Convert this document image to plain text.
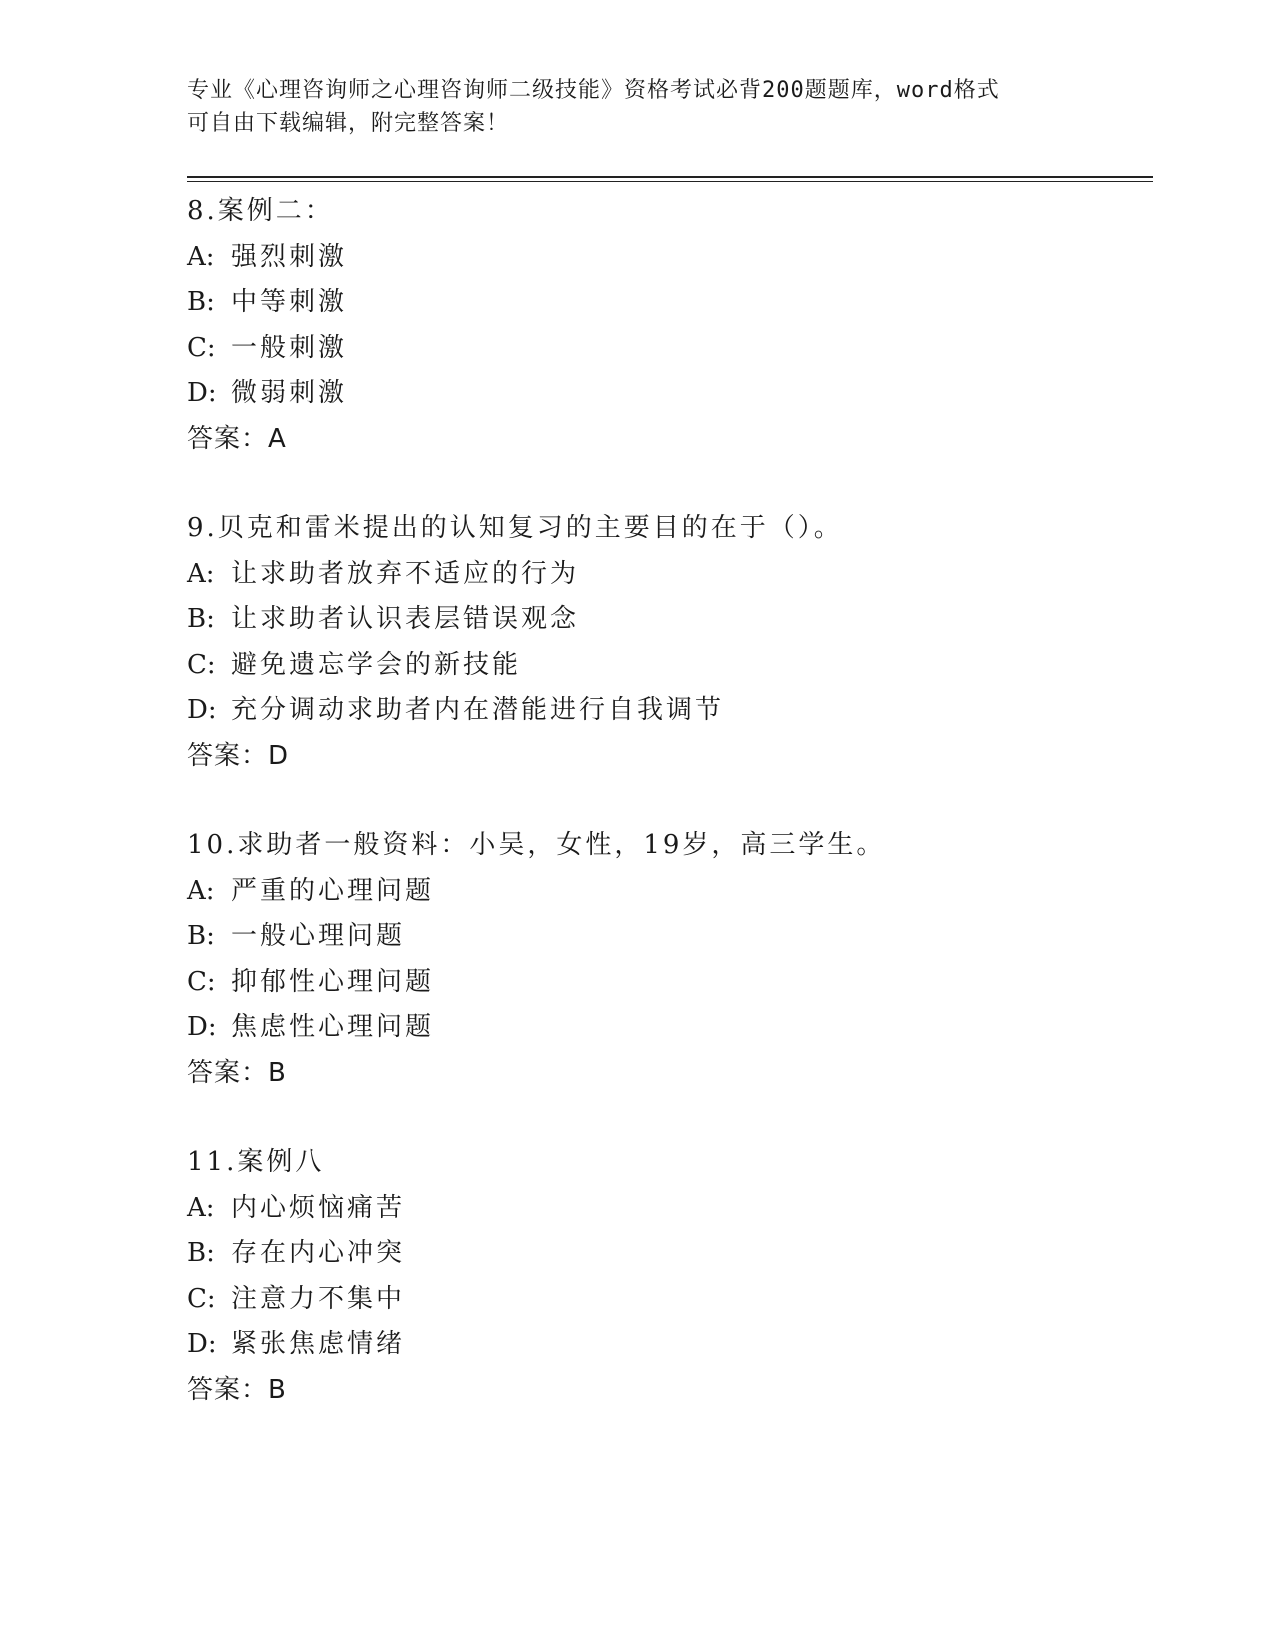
专业《心理咨询师之心理咨询师二级技能》资格考试必背200题题库，word格式
可自由下载编辑，附完整答案！
8.案例二：
A: 强烈刺激
B: 中等刺激
C: 一般刺激
D: 微弱刺激
答案：A
9.贝克和雷米提出的认知复习的主要目的在于（）。
A: 让求助者放弃不适应的行为
B: 让求助者认识表层错误观念
C: 避免遗忘学会的新技能
D: 充分调动求助者内在潜能进行自我调节
答案：D
10.求助者一般资料：小吴，女性，19岁，高三学生。
A: 严重的心理问题
B: 一般心理问题
C: 抑郁性心理问题
D: 焦虑性心理问题
答案：B
11.案例八
A: 内心烦恼痛苦
B: 存在内心冲突
C: 注意力不集中
D: 紧张焦虑情绪
答案：B
